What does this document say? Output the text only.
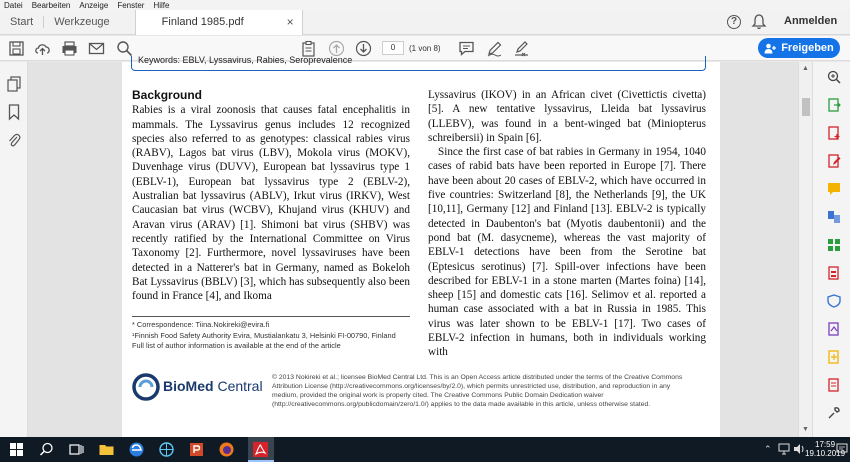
Datei Bearbeiten Anzeige Fenster Hilfe
Start	Werkzeuge	Finland 1985.pdf	×	?	Anmelden
0	(1 von 8)	Freigeben
Keywords: EBLV, Lyssavirus, Rabies, Seroprevalence
Background
Rabies is a viral zoonosis that causes fatal encephalitis in mammals. The Lyssavirus genus includes 12 recognized species also referred to as genotypes: classical rabies virus (RABV), Lagos bat virus (LBV), Mokola virus (MOKV), Duvenhage virus (DUVV), European bat lyssavirus type 1 (EBLV-1), European bat lyssavirus type 2 (EBLV-2), Australian bat lyssavirus (ABLV), Irkut virus (IRKV), West Caucasian bat virus (WCBV), Khujand virus (KHUV) and Aravan virus (ARAV) [1]. Shimoni bat virus (SHBV) was recently ratified by the International Committee on Virus Taxonomy [2]. Furthermore, novel lyssaviruses have been detected in a Natterer's bat in Germany, named as Bokeloh Bat Lyssavirus (BBLV) [3], which has subsequently also been found in France [4], and Ikoma
Lyssavirus (IKOV) in an African civet (Civettictis civetta) [5]. A new tentative lyssavirus, Lleida bat lyssavirus (LLEBV), was found in a bent-winged bat (Miniopterus schreibersii) in Spain [6].
Since the first case of bat rabies in Germany in 1954, 1040 cases of rabid bats have been reported in Europe [7]. There have been about 20 cases of EBLV-2, which have occurred in five countries: Switzerland [8], the Netherlands [9], the UK [10,11], Germany [12] and Finland [13]. EBLV-2 is typically detected in Daubenton's bat (Myotis daubentonii) and the pond bat (M. dasycneme), whereas the vast majority of EBLV-1 detections have been from the Serotine bat (Eptesicus serotinus) [7]. Spill-over infections have been described for EBLV-1 in a stone marten (Martes foina) [14], sheep [15] and domestic cats [16]. Selimov et al. reported a human case associated with a bat in Russia in 1985. This virus was later shown to be EBLV-1 [17]. Two cases of EBLV-2 infection in humans, both in individuals working with
* Correspondence: Tiina.Nokireki@evira.fi
¹Finnish Food Safety Authority Evira, Mustialankatu 3, Helsinki FI-00790, Finland
Full list of author information is available at the end of the article
BioMed Central
© 2013 Nokireki et al.; licensee BioMed Central Ltd. This is an Open Access article distributed under the terms of the Creative Commons Attribution License (http://creativecommons.org/licenses/by/2.0), which permits unrestricted use, distribution, and reproduction in any medium, provided the original work is properly cited. The Creative Commons Public Domain Dedication waiver (http://creativecommons.org/publicdomain/zero/1.0/) applies to the data made available in this article, unless otherwise stated.
▲
▼
⌃	17:59
19.10.2019
